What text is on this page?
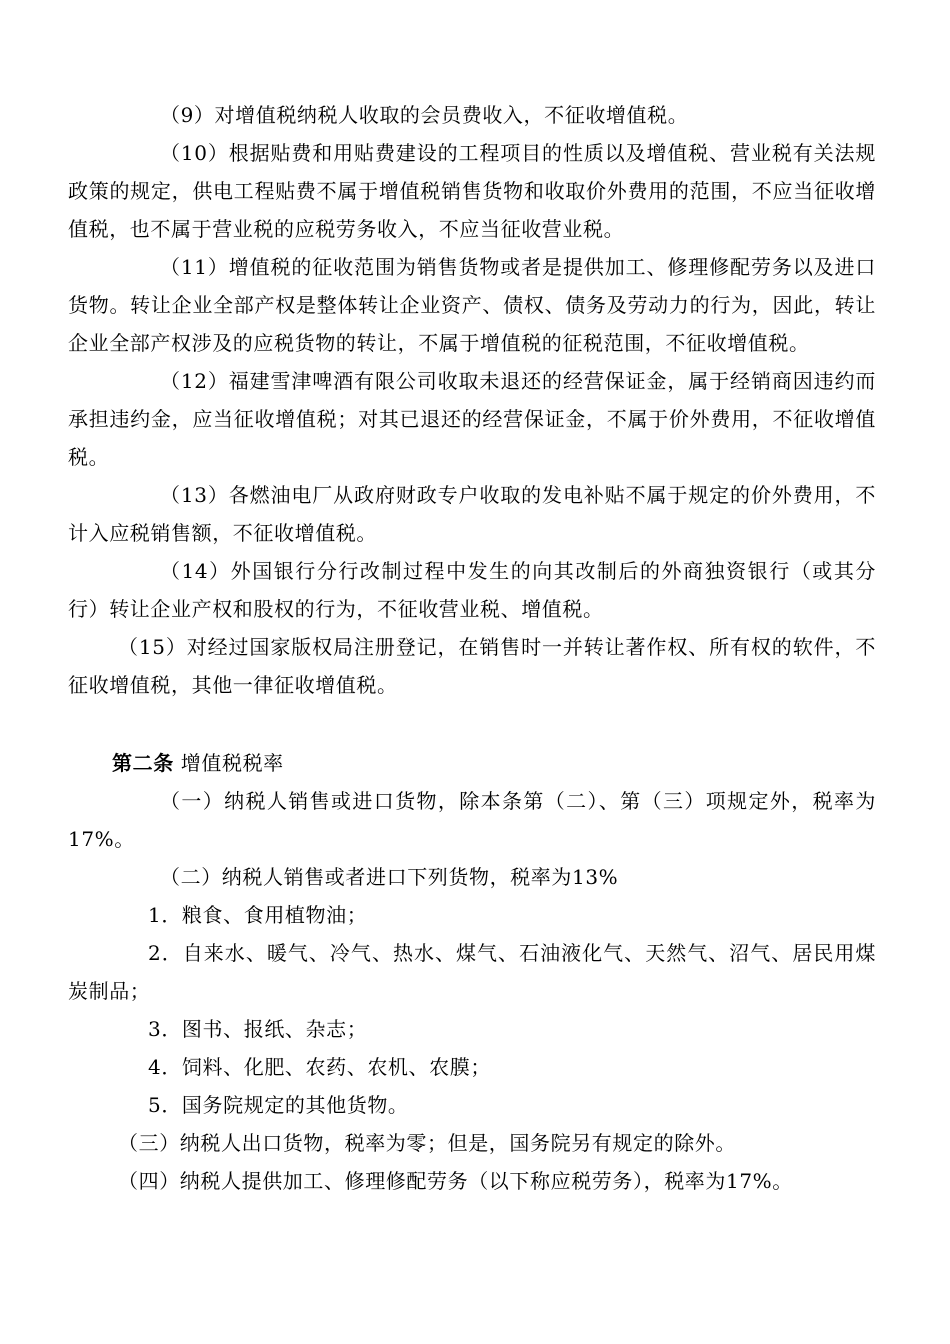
（9）对增值税纳税人收取的会员费收入，不征收增值税。

（10）根据贴费和用贴费建设的工程项目的性质以及增值税、营业税有关法规政策的规定，供电工程贴费不属于增值税销售货物和收取价外费用的范围，不应当征收增值税，也不属于营业税的应税劳务收入，不应当征收营业税。

（11）增值税的征收范围为销售货物或者是提供加工、修理修配劳务以及进口货物。转让企业全部产权是整体转让企业资产、债权、债务及劳动力的行为，因此，转让企业全部产权涉及的应税货物的转让，不属于增值税的征税范围，不征收增值税。

（12）福建雪津啤酒有限公司收取未退还的经营保证金，属于经销商因违约而承担违约金，应当征收增值税；对其已退还的经营保证金，不属于价外费用，不征收增值税。

（13）各燃油电厂从政府财政专户收取的发电补贴不属于规定的价外费用，不计入应税销售额，不征收增值税。

（14）外国银行分行改制过程中发生的向其改制后的外商独资银行（或其分行）转让企业产权和股权的行为，不征收营业税、增值税。

（15）对经过国家版权局注册登记，在销售时一并转让著作权、所有权的软件，不征收增值税，其他一律征收增值税。

第二条 增值税税率

（一）纳税人销售或进口货物，除本条第（二）、第（三）项规定外，税率为17%。

（二）纳税人销售或者进口下列货物，税率为13%

1．粮食、食用植物油；

2．自来水、暖气、冷气、热水、煤气、石油液化气、天然气、沼气、居民用煤炭制品；

3．图书、报纸、杂志；

4．饲料、化肥、农药、农机、农膜；

5．国务院规定的其他货物。

（三）纳税人出口货物，税率为零；但是，国务院另有规定的除外。

（四）纳税人提供加工、修理修配劳务（以下称应税劳务），税率为17%。
